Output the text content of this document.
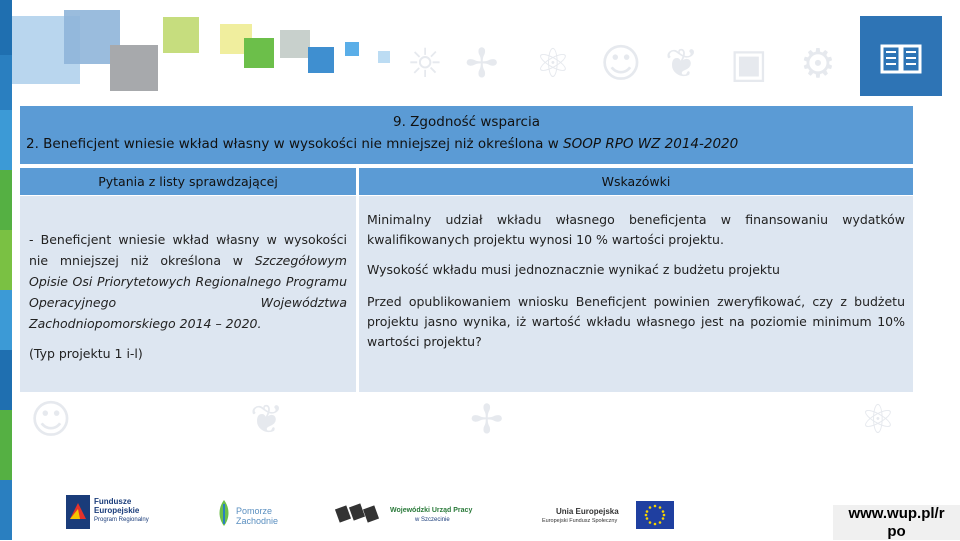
☼ ✢ ⚛ ☺ ❦ ▣ ⚙
☺	❦	✢	⚛
9. Zgodność wsparcia
2. Beneficjent wniesie wkład własny w wysokości nie mniejszej niż określona w SOOP RPO WZ 2014-2020
Pytania z listy sprawdzającej	Wskazówki
- Beneficjent wniesie wkład własny w wysokości nie mniejszej niż określona w Szczegółowym Opisie Osi Priorytetowych Regionalnego Programu Operacyjnego Województwa Zachodniopomorskiego 2014 – 2020.
(Typ projektu 1 i-l)

Minimalny udział wkładu własnego beneficjenta w finansowaniu wydatków kwalifikowanych projektu wynosi 10 % wartości projektu.

Wysokość wkładu musi jednoznacznie wynikać z budżetu projektu

Przed opublikowaniem wniosku Beneficjent powinien zweryfikować, czy z budżetu projektu jasno wynika, iż wartość wkładu własnego jest na poziomie minimum 10% wartości projektu?

Fundusze
Europejskie
Program Regionalny
Pomorze
Zachodnie
Wojewódzki Urząd Pracy
w Szczecinie
Unia Europejska
Europejski Fundusz Społeczny	www.wup.pl/r
po
